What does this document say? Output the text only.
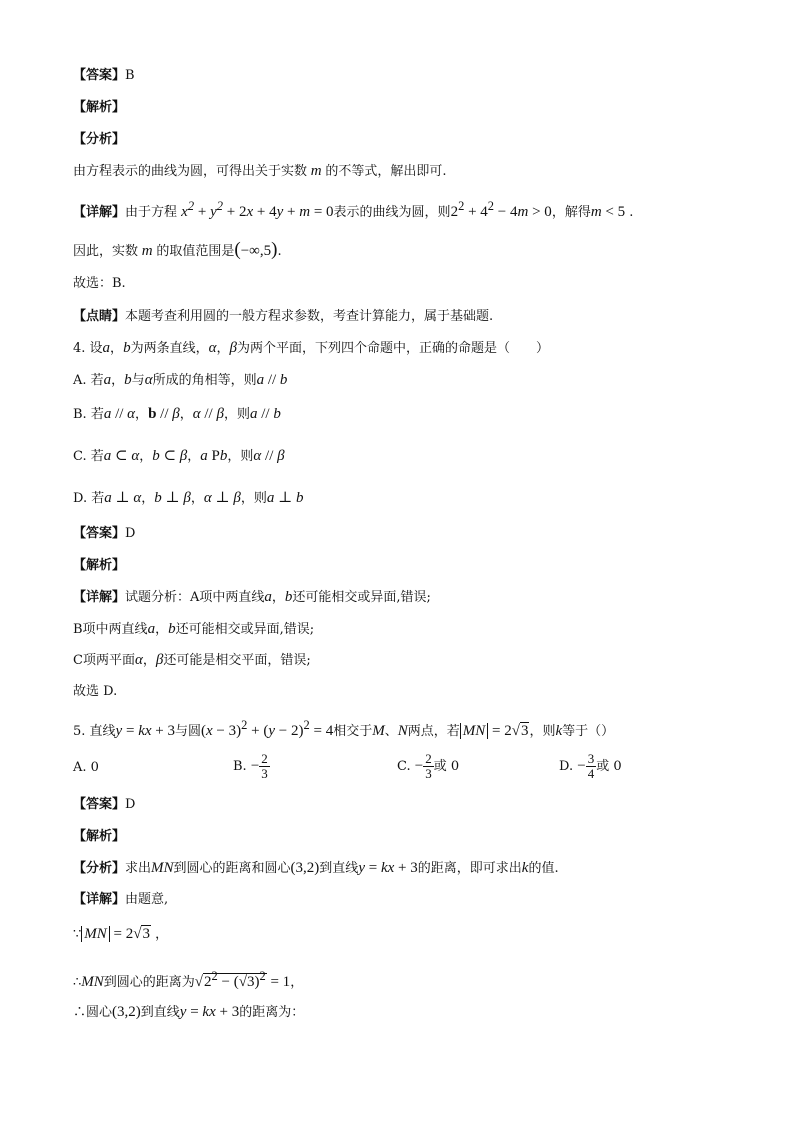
【答案】B
【解析】
【分析】
由方程表示的曲线为圆，可得出关于实数 m 的不等式，解出即可.
【详解】由于方程 $x^2 + y^2 + 2x + 4y + m = 0$表示的曲线为圆，则$2^2 + 4^2 - 4m > 0$，解得m < 5 .
因此，实数 m 的取值范围是(−∞,5).
故选：B.
【点睛】本题考查利用圆的一般方程求参数，考查计算能力，属于基础题.
4. 设a，b为两条直线，α，β为两个平面，下列四个命题中，正确的命题是（　　）
A. 若a，b与α所成的角相等，则a // b
B. 若a // α，b // β，α // β，则a // b
C. 若a ⊂ α，b ⊂ β，a Pb，则α // β
D. 若a ⊥ α，b ⊥ β，α ⊥ β，则a ⊥ b
【答案】D
【解析】
【详解】试题分析：A项中两直线a，b还可能相交或异面,错误;
B项中两直线a，b还可能相交或异面,错误;
C项两平面α，β还可能是相交平面，错误;
故选 D.
5. 直线y = kx + 3与圆$(x - 3)^2 + (y - 2)^2 = 4$相交于M、N两点，若 MN = 2√3，则k等于（）
A. 0	B. − $\frac{2}{3}$	C. − $\frac{2}{3}$ 或 0	D. − $\frac{3}{4}$ 或 0
【答案】D
【解析】
【分析】求出MN到圆心的距离和圆心(3,2)到直线y = kx + 3的距离，即可求出k的值.
【详解】由题意,
∵ MN = 2√3 ，
∴MN到圆心的距离为$√2^2 - (√3)^2 = 1$，
∴圆心(3,2)到直线y = kx + 3的距离为：
